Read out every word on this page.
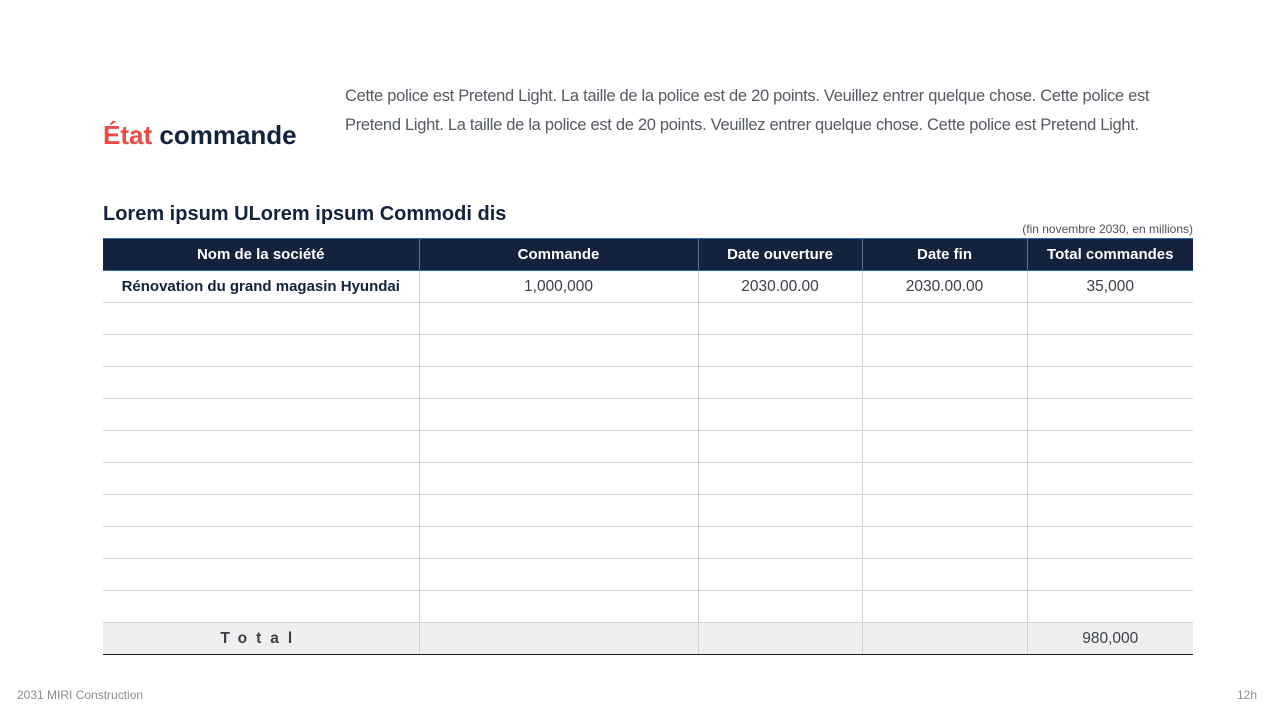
État commande

Cette police est Pretend Light. La taille de la police est de 20 points. Veuillez entrer quelque chose. Cette police est Pretend Light. La taille de la police est de 20 points. Veuillez entrer quelque chose. Cette police est Pretend Light.

Lorem ipsum ULorem ipsum Commodi dis
(fin novembre 2030, en millions)
Nom de la société	Commande	Date ouverture	Date fin	Total commandes
Rénovation du grand magasin Hyundai	1,000,000	2030.00.00	2030.00.00	35,000

Total				980,000
2031 MIRI Construction	12h
